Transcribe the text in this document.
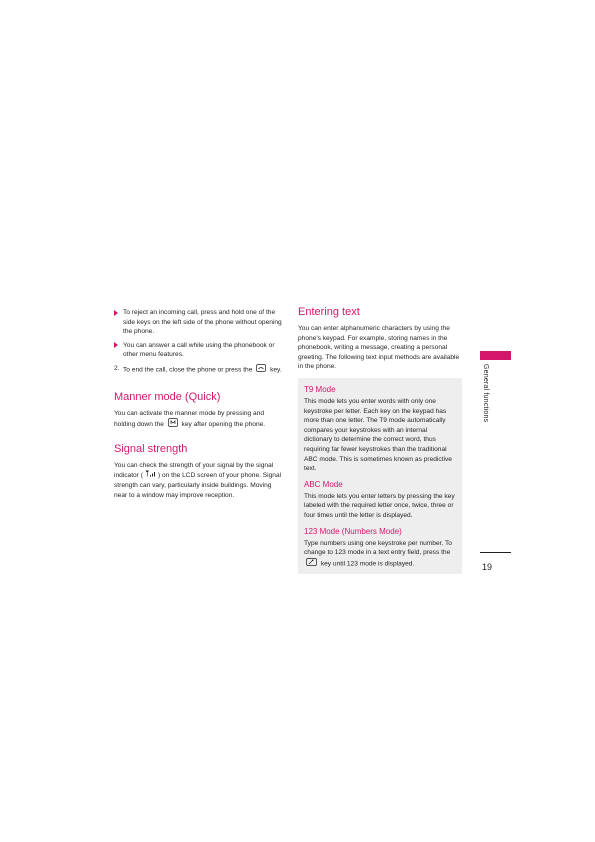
To reject an incoming call, press and hold one of the side keys on the left side of the phone without opening the phone.
You can answer a call while using the phonebook or other menu features.
2. To end the call, close the phone or press the	key.
Manner mode (Quick)

You can activate the manner mode by pressing and holding down the	key after opening the phone.

Signal strength

You can check the strength of your signal by the signal indicator ( ) on the LCD screen of your phone. Signal strength can vary, particularly inside buildings. Moving near to a window may improve reception.

Entering text

You can enter alphanumeric characters by using the phone's keypad. For example, storing names in the phonebook, writing a message, creating a personal greeting. The following text input methods are available in the phone.

T9 Mode

This mode lets you enter words with only one keystroke per letter. Each key on the keypad has more than one letter. The T9 mode automatically compares your keystrokes with an internal dictionary to determine the correct word, thus requiring far fewer keystrokes than the traditional ABC mode. This is sometimes known as predictive text.

ABC Mode

This mode lets you enter letters by pressing the key labeled with the required letter once, twice, three or four times until the letter is displayed.

123 Mode (Numbers Mode)

Type numbers using one keystroke per number. To change to 123 mode in a text entry field, press the  key until 123 mode is displayed.

General functions
19
